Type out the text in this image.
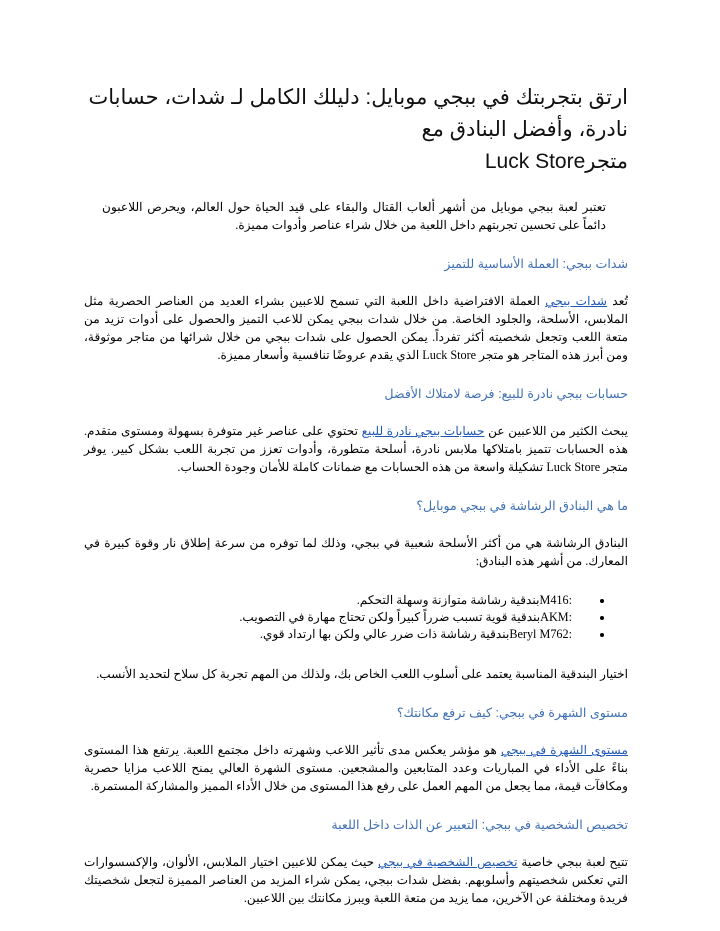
ارتق بتجربتك في ببجي موبايل: دليلك الكامل لـ شدات، حسابات نادرة، وأفضل البنادق مع
متجرLuck Store

تعتبر لعبة ببجي موبايل من أشهر ألعاب القتال والبقاء على قيد الحياة حول العالم، ويحرص اللاعبون دائماً على تحسين تجربتهم داخل اللعبة من خلال شراء عناصر وأدوات مميزة.

شدات ببجي: العملة الأساسية للتميز

تُعد شدات ببجي العملة الافتراضية داخل اللعبة التي تسمح للاعبين بشراء العديد من العناصر الحصرية مثل الملابس، الأسلحة، والجلود الخاصة. من خلال شدات ببجي يمكن للاعب التميز والحصول على أدوات تزيد من متعة اللعب وتجعل شخصيته أكثر تفرداً. يمكن الحصول على شدات ببجي من خلال شرائها من متاجر موثوقة، ومن أبرز هذه المتاجر هو متجر Luck Store الذي يقدم عروضًا تنافسية وأسعار مميزة.

حسابات ببجي نادرة للبيع: فرصة لامتلاك الأفضل

يبحث الكثير من اللاعبين عن حسابات ببجي نادرة للبيع تحتوي على عناصر غير متوفرة بسهولة ومستوى متقدم. هذه الحسابات تتميز بامتلاكها ملابس نادرة، أسلحة متطورة، وأدوات تعزز من تجربة اللعب بشكل كبير. يوفر متجر Luck Store تشكيلة واسعة من هذه الحسابات مع ضمانات كاملة للأمان وجودة الحساب.

ما هي البنادق الرشاشة في ببجي موبايل؟

البنادق الرشاشة هي من أكثر الأسلحة شعبية في ببجي، وذلك لما توفره من سرعة إطلاق نار وقوة كبيرة في المعارك. من أشهر هذه البنادق:

M416:بندقية رشاشة متوازنة وسهلة التحكم.
AKM:بندقية قوية تسبب ضرراً كبيراً ولكن تحتاج مهارة في التصويب.
Beryl M762:بندقية رشاشة ذات ضرر عالي ولكن بها ارتداد قوي.

اختيار البندقية المناسبة يعتمد على أسلوب اللعب الخاص بك، ولذلك من المهم تجربة كل سلاح لتحديد الأنسب.

مستوى الشهرة في ببجي: كيف ترفع مكانتك؟

مستوى الشهرة في ببجي هو مؤشر يعكس مدى تأثير اللاعب وشهرته داخل مجتمع اللعبة. يرتفع هذا المستوى بناءً على الأداء في المباريات وعدد المتابعين والمشجعين. مستوى الشهرة العالي يمنح اللاعب مزايا حصرية ومكافآت قيمة، مما يجعل من المهم العمل على رفع هذا المستوى من خلال الأداء المميز والمشاركة المستمرة.

تخصيص الشخصية في ببجي: التعبير عن الذات داخل اللعبة

تتيح لعبة ببجي خاصية تخصيص الشخصية في ببجي حيث يمكن للاعبين اختيار الملابس، الألوان، والإكسسوارات التي تعكس شخصيتهم وأسلوبهم. بفضل شدات ببجي، يمكن شراء المزيد من العناصر المميزة لتجعل شخصيتك فريدة ومختلفة عن الآخرين، مما يزيد من متعة اللعبة ويبرز مكانتك بين اللاعبين.
